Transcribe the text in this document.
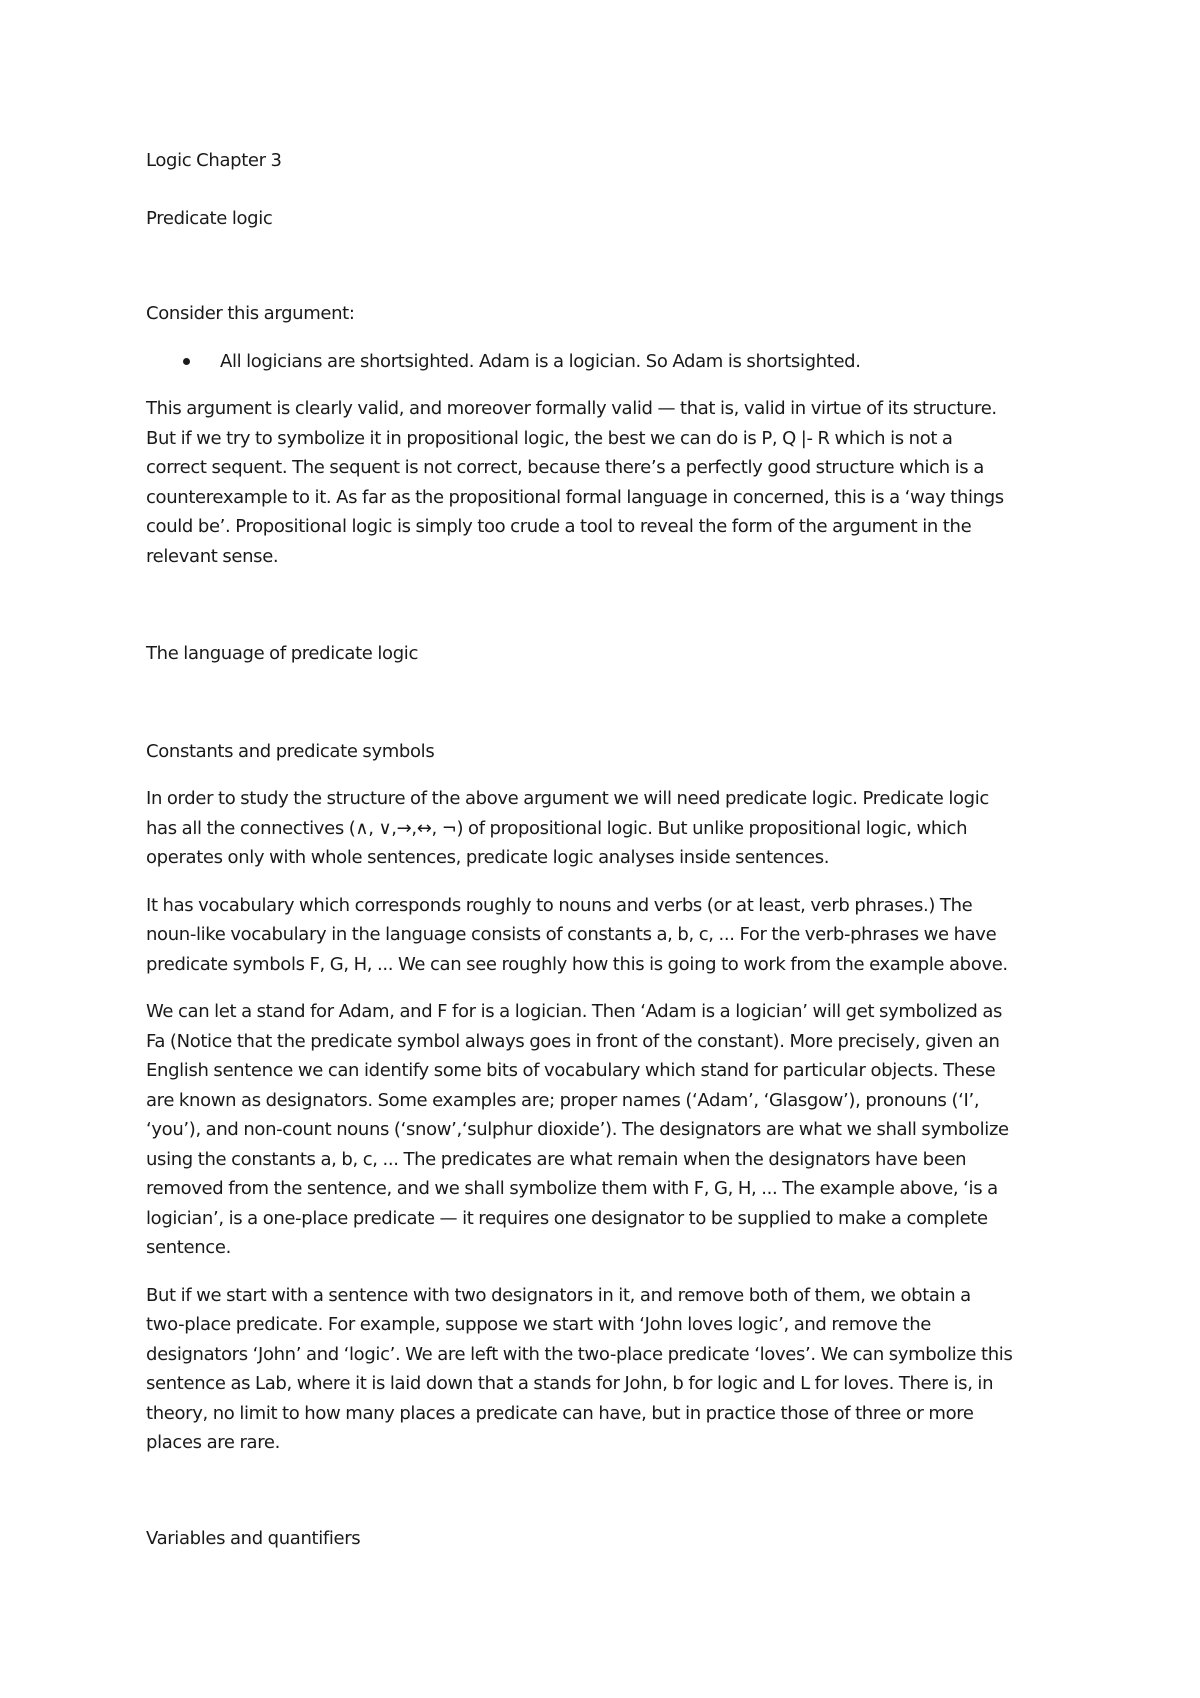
Logic Chapter 3

Predicate logic

Consider this argument:

All logicians are shortsighted. Adam is a logician. So Adam is shortsighted.

This argument is clearly valid, and moreover formally valid — that is, valid in virtue of its structure.

But if we try to symbolize it in propositional logic, the best we can do is P, Q |- R which is not a

correct sequent. The sequent is not correct, because there’s a perfectly good structure which is a

counterexample to it. As far as the propositional formal language in concerned, this is a ‘way things

could be’. Propositional logic is simply too crude a tool to reveal the form of the argument in the

relevant sense.

The language of predicate logic

Constants and predicate symbols

In order to study the structure of the above argument we will need predicate logic. Predicate logic

has all the connectives (∧, ∨,→,↔, ¬) of propositional logic. But unlike propositional logic, which

operates only with whole sentences, predicate logic analyses inside sentences.

It has vocabulary which corresponds roughly to nouns and verbs (or at least, verb phrases.) The

noun-like vocabulary in the language consists of constants a, b, c, ... For the verb-phrases we have

predicate symbols F, G, H, ... We can see roughly how this is going to work from the example above.

We can let a stand for Adam, and F for is a logician. Then ‘Adam is a logician’ will get symbolized as

Fa (Notice that the predicate symbol always goes in front of the constant). More precisely, given an

English sentence we can identify some bits of vocabulary which stand for particular objects. These

are known as designators. Some examples are; proper names (‘Adam’, ‘Glasgow’), pronouns (‘I’,

‘you’), and non-count nouns (‘snow’,‘sulphur dioxide’). The designators are what we shall symbolize

using the constants a, b, c, ... The predicates are what remain when the designators have been

removed from the sentence, and we shall symbolize them with F, G, H, ... The example above, ‘is a

logician’, is a one-place predicate — it requires one designator to be supplied to make a complete

sentence.

But if we start with a sentence with two designators in it, and remove both of them, we obtain a

two-place predicate. For example, suppose we start with ‘John loves logic’, and remove the

designators ‘John’ and ‘logic’. We are left with the two-place predicate ‘loves’. We can symbolize this

sentence as Lab, where it is laid down that a stands for John, b for logic and L for loves. There is, in

theory, no limit to how many places a predicate can have, but in practice those of three or more

places are rare.

Variables and quantifiers
